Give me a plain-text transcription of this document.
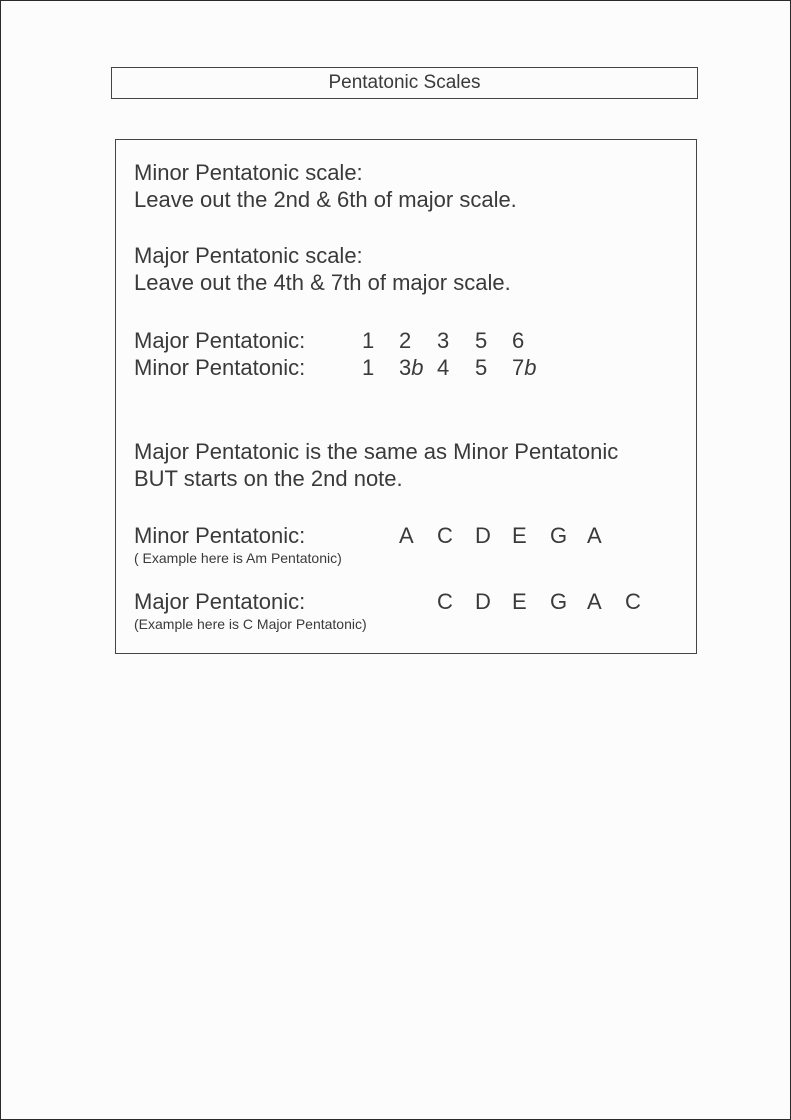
Pentatonic Scales
Minor Pentatonic scale:
Leave out the 2nd & 6th of major scale.
Major Pentatonic scale:
Leave out the 4th & 7th of major scale.
Major Pentatonic:	1 2 3 5 6
Minor Pentatonic:	1 3b 4 5 7b
Major Pentatonic is the same as Minor Pentatonic
BUT starts on the 2nd note.
Minor Pentatonic:
( Example here is Am Pentatonic)
A C D E G A
Major Pentatonic:
(Example here is C Major Pentatonic)
C D E G A C
